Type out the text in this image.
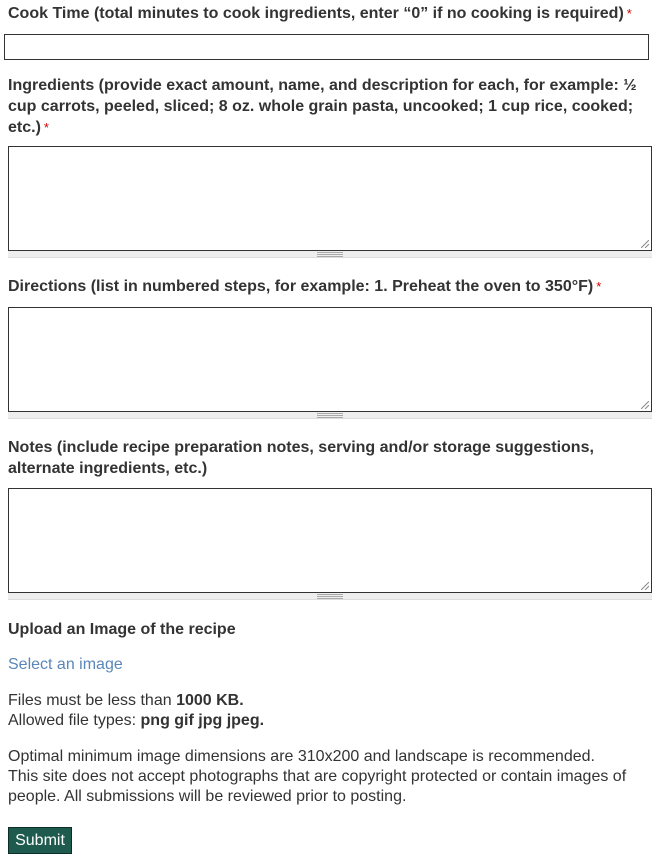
Cook Time (total minutes to cook ingredients, enter “0” if no cooking is required) *
Ingredients (provide exact amount, name, and description for each, for example: ½ cup carrots, peeled, sliced; 8 oz. whole grain pasta, uncooked; 1 cup rice, cooked; etc.) *
Directions (list in numbered steps, for example: 1. Preheat the oven to 350°F) *
Notes (include recipe preparation notes, serving and/or storage suggestions, alternate ingredients, etc.)
Upload an Image of the recipe
Select an image
Files must be less than 1000 KB.
Allowed file types: png gif jpg jpeg.
Optimal minimum image dimensions are 310x200 and landscape is recommended.
This site does not accept photographs that are copyright protected or contain images of people. All submissions will be reviewed prior to posting.
Submit
